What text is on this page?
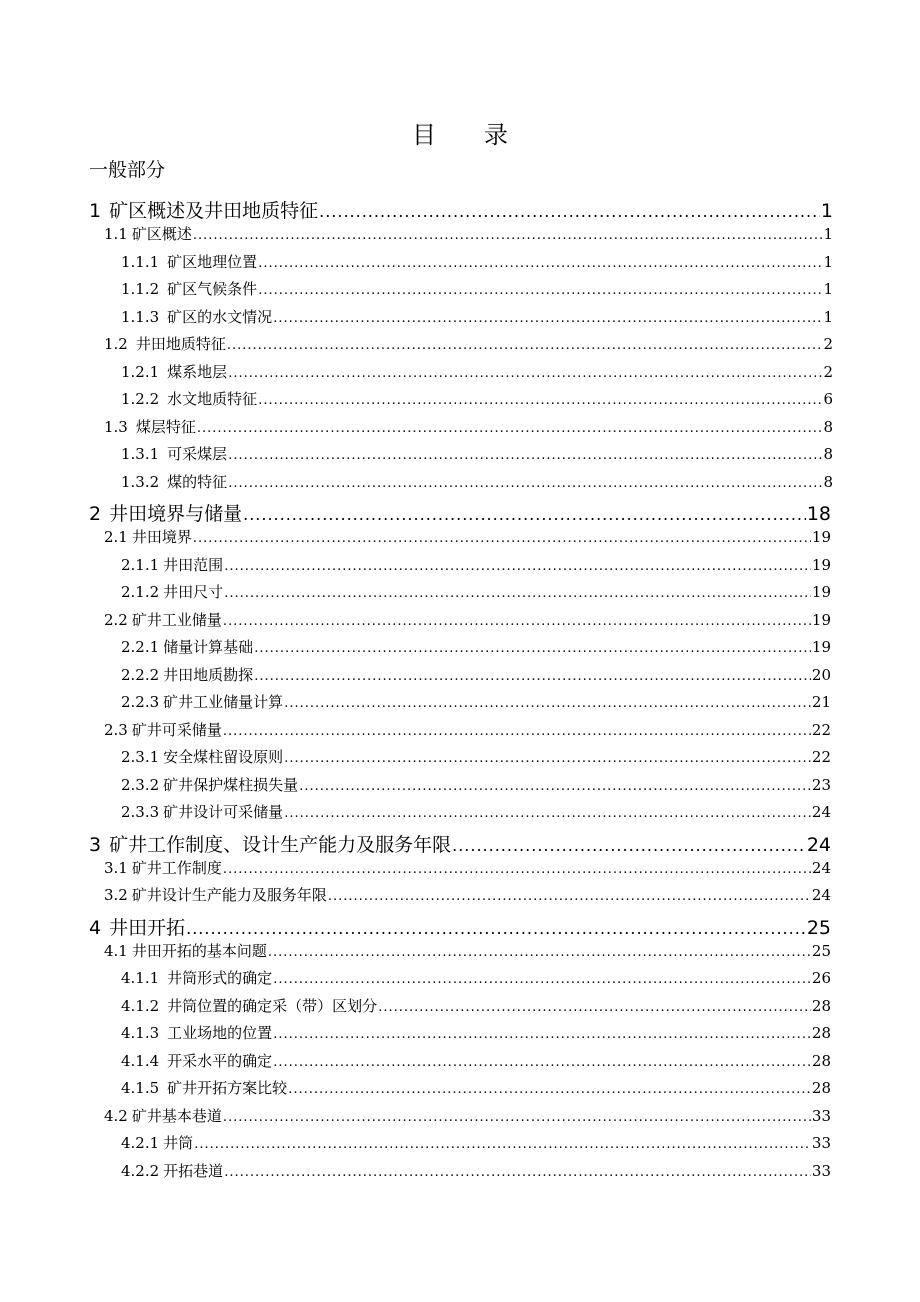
目 录
一般部分
1 矿区概述及井田地质特征 .....	1
1.1 矿区概述 .....	1
1.1.1 矿区地理位置 .....	1
1.1.2 矿区气候条件 .....	1
1.1.3 矿区的水文情况 .....	1
1.2 井田地质特征 .....	2
1.2.1 煤系地层 .....	2
1.2.2 水文地质特征 .....	6
1.3 煤层特征 .....	8
1.3.1 可采煤层 .....	8
1.3.2 煤的特征 .....	8
2 井田境界与储量 .....	18
2.1 井田境界 .....	19
2.1.1 井田范围 .....	19
2.1.2 井田尺寸 .....	19
2.2 矿井工业储量 .....	19
2.2.1 储量计算基础 .....	19
2.2.2 井田地质勘探 .....	20
2.2.3 矿井工业储量计算 .....	21
2.3 矿井可采储量 .....	22
2.3.1 安全煤柱留设原则 .....	22
2.3.2 矿井保护煤柱损失量 .....	23
2.3.3 矿井设计可采储量 .....	24
3 矿井工作制度、设计生产能力及服务年限 .....	24
3.1 矿井工作制度 .....	24
3.2 矿井设计生产能力及服务年限 .....	24
4 井田开拓 .....	25
4.1 井田开拓的基本问题 .....	25
4.1.1 井筒形式的确定 .....	26
4.1.2 井筒位置的确定采（带）区划分 .....	28
4.1.3 工业场地的位置 .....	28
4.1.4 开采水平的确定 .....	28
4.1.5 矿井开拓方案比较 .....	28
4.2 矿井基本巷道 .....	33
4.2.1 井筒 .....	33
4.2.2 开拓巷道 .....	33
